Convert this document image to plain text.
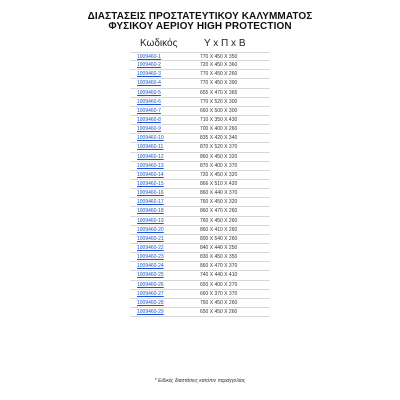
ΔΙΑΣΤΑΣΕΙΣ ΠΡΟΣΤΑΤΕΥΤΙΚΟΥ ΚΑΛΥΜΜΑΤΟΣ
ΦΥΣΙΚΟΥ ΑΕΡΙΟΥ HIGH PROTECTION
Κωδικός	Υ x Π x Β
1009460-1	770 X 450 X 350
1009460-2	720 X 450 X 360
1009460-3	770 X 450 X 260
1009460-4	770 X 450 X 390
1009460-5	655 X 470 X 365
1009460-6	770 X 520 X 300
1009460-7	660 X 500 X 300
1009460-8	710 X 350 X 430
1009460-9	700 X 400 X 260
1009460-10	835 X 420 X 340
1009460-11	870 X 520 X 370
1009460-12	860 X 450 X 320
1009460-13	870 X 400 X 370
1009460-14	720 X 450 X 320
1009460-15	866 X 510 X 420
1009460-16	860 X 440 X 370
1009460-17	760 X 450 X 320
1009460-18	860 X 470 X 260
1009460-19	760 X 450 X 260
1009460-20	860 X 410 X 260
1009460-21	800 X 540 X 260
1009460-22	840 X 440 X 250
1009460-23	830 X 450 X 350
1009460-24	860 X 470 X 370
1009460-25	740 X 440 X 410
1009460-26	650 X 400 X 270
1009460-27	660 X 370 X 370
1009460-28	750 X 450 X 260
1009460-29	650 X 450 X 260
* Ειδικές διαστάσεις κατόπιν παραγγελίας
